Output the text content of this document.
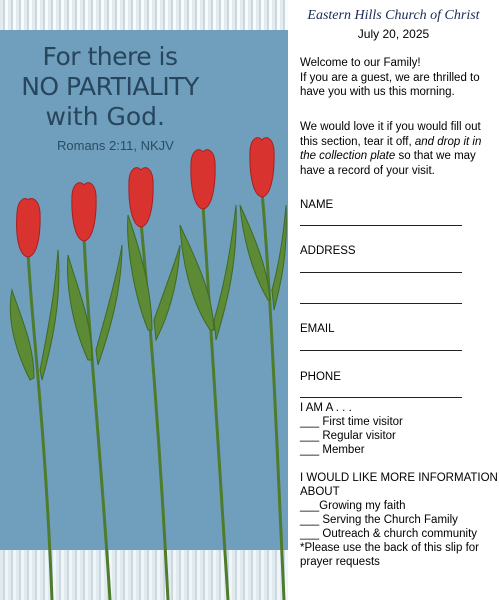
For there is
NO PARTIALITY
with God.
Romans 2:11, NKJV
Eastern Hills Church of Christ
July 20, 2025
Welcome to our Family!
If you are a guest, we are thrilled to have you with us this morning.
We would love it if you would fill out this section, tear it off, and drop it in the collection plate so that we may have a record of your visit.
NAME
ADDRESS
EMAIL
PHONE
I AM A . . .
___ First time visitor
___ Regular visitor
___ Member
I WOULD LIKE MORE INFORMATION
ABOUT
___Growing my faith
___ Serving the Church Family
___ Outreach & church community
*Please use the back of this slip for prayer requests
